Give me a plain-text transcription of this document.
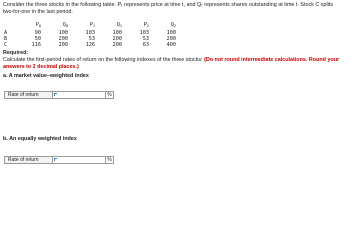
Consider the three stocks in the following table. Pₜ represents price at time t, and Qₜ represents shares outstanding at time t. Stock C splits two-for-one in the last period.
	$P_0$	$Q_0$	$P_1$	$Q_1$	$P_2$	$Q_2$
A	90	100	103	100	103	100
B	50	200	53	200	53	200
C	116	200	126	200	63	400
Required:
Calculate the first-period rates of return on the following indexes of the three stocks: (Do not round intermediate calculations. Round your answers to 2 decimal places.)
a. A market value–weighted index
Rate of return	%
b. An equally weighted index
Rate of return	%
